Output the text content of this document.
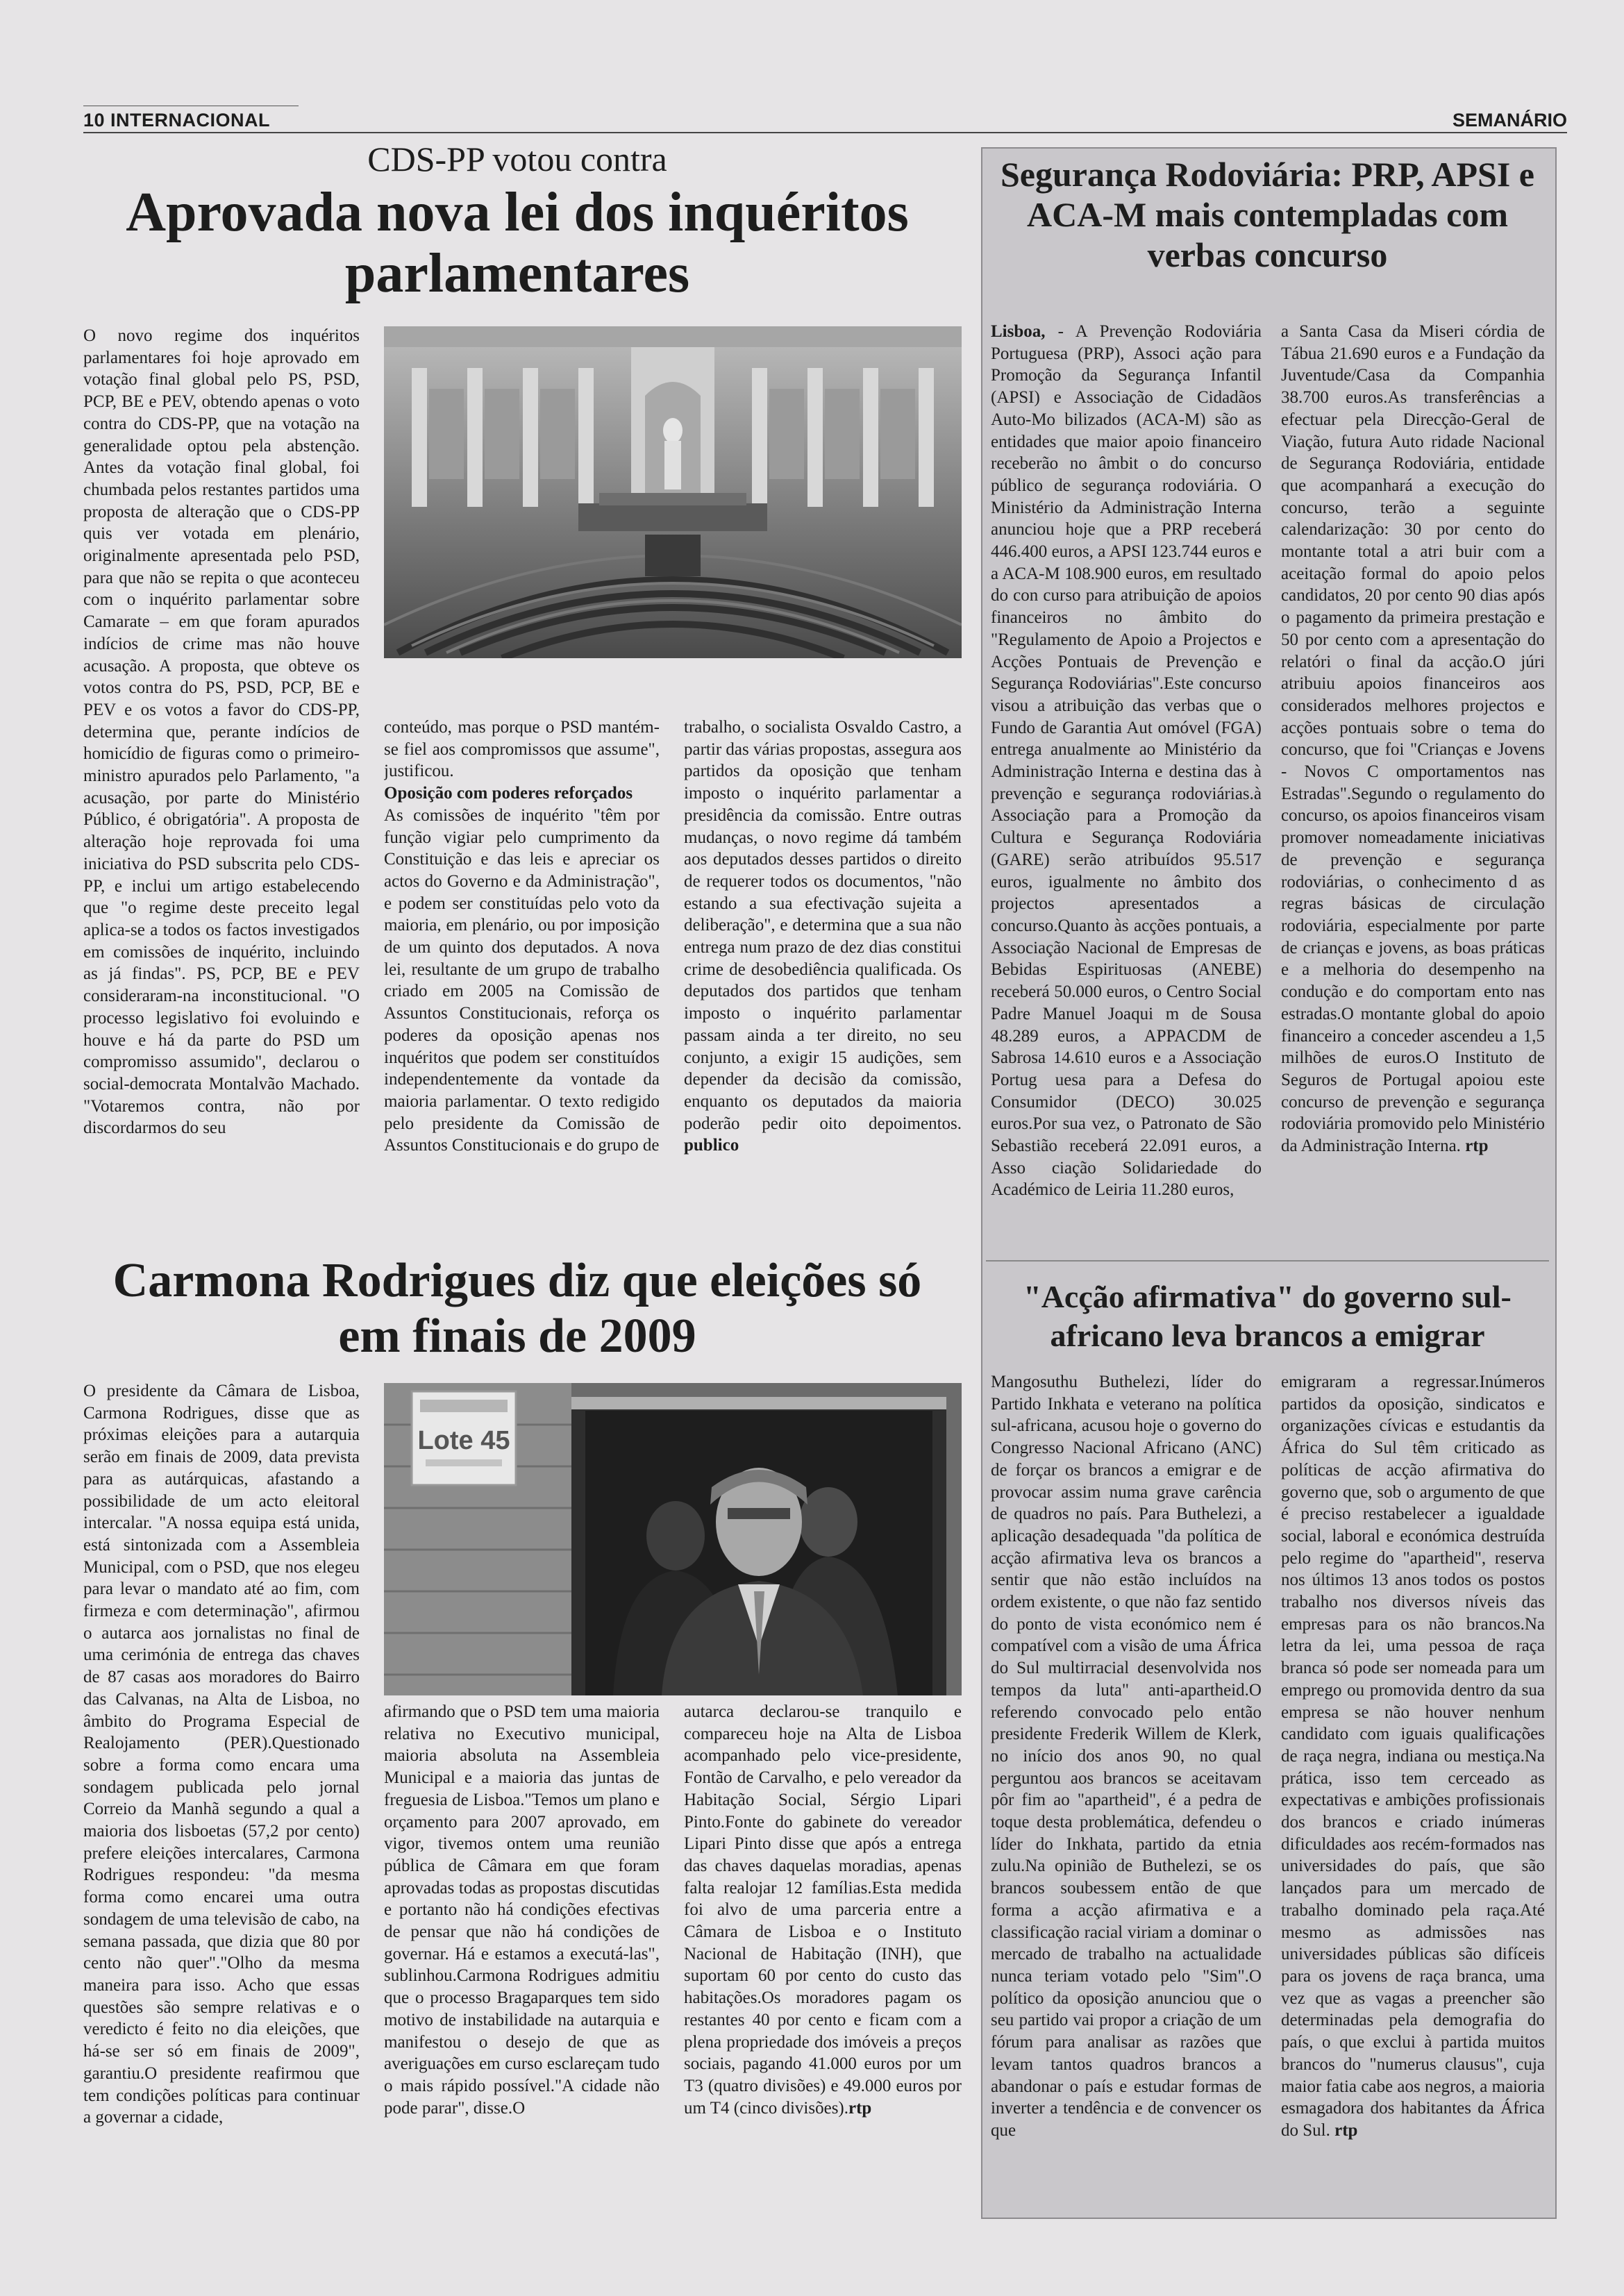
10 INTERNACIONAL	SEMANÁRIO
CDS-PP votou contra
Aprovada nova lei dos inquéritos parlamentares

O novo regime dos inquéritos parlamentares foi hoje aprovado em votação final global pelo PS, PSD, PCP, BE e PEV, obtendo apenas o voto contra do CDS-PP, que na votação na generalidade optou pela abstenção. Antes da votação final global, foi chumbada pelos restantes partidos uma proposta de alteração que o CDS-PP quis ver votada em plenário, originalmente apresentada pelo PSD, para que não se repita o que aconteceu com o inquérito parlamentar sobre Camarate – em que foram apurados indícios de crime mas não houve acusação. A proposta, que obteve os votos contra do PS, PSD, PCP, BE e PEV e os votos a favor do CDS-PP, determina que, perante indícios de homicídio de figuras como o primeiro-ministro apurados pelo Parlamento, "a acusação, por parte do Ministério Público, é obrigatória". A proposta de alteração hoje reprovada foi uma iniciativa do PSD subscrita pelo CDS-PP, e inclui um artigo estabelecendo que "o regime deste preceito legal aplica-se a todos os factos investigados em comissões de inquérito, incluindo as já findas". PS, PCP, BE e PEV consideraram-na inconstitucional. "O processo legislativo foi evoluindo e houve e há da parte do PSD um compromisso assumido", declarou o social-democrata Montalvão Machado. "Votaremos contra, não por discordarmos do seu

conteúdo, mas porque o PSD mantém-se fiel aos compromissos que assume", justificou.

Oposição com poderes reforçados

As comissões de inquérito "têm por função vigiar pelo cumprimento da Constituição e das leis e apreciar os actos do Governo e da Administração", e podem ser constituídas pelo voto da maioria, em plenário, ou por imposição de um quinto dos deputados. A nova lei, resultante de um grupo de trabalho criado em 2005 na Comissão de Assuntos Constitucionais, reforça os poderes da oposição apenas nos inquéritos que podem ser constituídos independentemente da vontade da maioria parlamentar. O texto redigido pelo presidente da Comissão de Assuntos Constitucionais e do grupo de

trabalho, o socialista Osvaldo Castro, a partir das várias propostas, assegura aos partidos da oposição que tenham imposto o inquérito parlamentar a presidência da comissão. Entre outras mudanças, o novo regime dá também aos deputados desses partidos o direito de requerer todos os documentos, "não estando a sua efectivação sujeita a deliberação", e determina que a sua não entrega num prazo de dez dias constitui crime de desobediência qualificada. Os deputados dos partidos que tenham imposto o inquérito parlamentar passam ainda a ter direito, no seu conjunto, a exigir 15 audições, sem depender da decisão da comissão, enquanto os deputados da maioria poderão pedir oito depoimentos. publico

Carmona Rodrigues diz que eleições só em finais de 2009

O presidente da Câmara de Lisboa, Carmona Rodrigues, disse que as próximas eleições para a autarquia serão em finais de 2009, data prevista para as autárquicas, afastando a possibilidade de um acto eleitoral intercalar. "A nossa equipa está unida, está sintonizada com a Assembleia Municipal, com o PSD, que nos elegeu para levar o mandato até ao fim, com firmeza e com determinação", afirmou o autarca aos jornalistas no final de uma cerimónia de entrega das chaves de 87 casas aos moradores do Bairro das Calvanas, na Alta de Lisboa, no âmbito do Programa Especial de Realojamento (PER).Questionado sobre a forma como encara uma sondagem publicada pelo jornal Correio da Manhã segundo a qual a maioria dos lisboetas (57,2 por cento) prefere eleições intercalares, Carmona Rodrigues respondeu: "da mesma forma como encarei uma outra sondagem de uma televisão de cabo, na semana passada, que dizia que 80 por cento não quer"."Olho da mesma maneira para isso. Acho que essas questões são sempre relativas e o veredicto é feito no dia eleições, que há-se ser só em finais de 2009", garantiu.O presidente reafirmou que tem condições políticas para continuar a governar a cidade,

Lote 45

afirmando que o PSD tem uma maioria relativa no Executivo municipal, maioria absoluta na Assembleia Municipal e a maioria das juntas de freguesia de Lisboa."Temos um plano e orçamento para 2007 aprovado, em vigor, tivemos ontem uma reunião pública de Câmara em que foram aprovadas todas as propostas discutidas e portanto não há condições efectivas de pensar que não há condições de governar. Há e estamos a executá-las", sublinhou.Carmona Rodrigues admitiu que o processo Bragaparques tem sido motivo de instabilidade na autarquia e manifestou o desejo de que as averiguações em curso esclareçam tudo o mais rápido possível."A cidade não pode parar", disse.O

autarca declarou-se tranquilo e compareceu hoje na Alta de Lisboa acompanhado pelo vice-presidente, Fontão de Carvalho, e pelo vereador da Habitação Social, Sérgio Lipari Pinto.Fonte do gabinete do vereador Lipari Pinto disse que após a entrega das chaves daquelas moradias, apenas falta realojar 12 famílias.Esta medida foi alvo de uma parceria entre a Câmara de Lisboa e o Instituto Nacional de Habitação (INH), que suportam 60 por cento do custo das habitações.Os moradores pagam os restantes 40 por cento e ficam com a plena propriedade dos imóveis a preços sociais, pagando 41.000 euros por um T3 (quatro divisões) e 49.000 euros por um T4 (cinco divisões).rtp

Segurança Rodoviária: PRP, APSI e ACA-M mais contempladas com verbas concurso

Lisboa, - A Prevenção Rodoviária Portuguesa (PRP), Associ ação para Promoção da Segurança Infantil (APSI) e Associação de Cidadãos Auto-Mo bilizados (ACA-M) são as entidades que maior apoio financeiro receberão no âmbit o do concurso público de segurança rodoviária. O Ministério da Administração Interna anunciou hoje que a PRP receberá 446.400 euros, a APSI 123.744 euros e a ACA-M 108.900 euros, em resultado do con curso para atribuição de apoios financeiros no âmbito do "Regulamento de Apoio a Projectos e Acções Pontuais de Prevenção e Segurança Rodoviárias".Este concurso visou a atribuição das verbas que o Fundo de Garantia Aut omóvel (FGA) entrega anualmente ao Ministério da Administração Interna e destina das à prevenção e segurança rodoviárias.à Associação para a Promoção da Cultura e Segurança Rodoviária (GARE) serão atribuídos 95.517 euros, igualmente no âmbito dos projectos apresentados a concurso.Quanto às acções pontuais, a Associação Nacional de Empresas de Bebidas Espirituosas (ANEBE) receberá 50.000 euros, o Centro Social Padre Manuel Joaqui m de Sousa 48.289 euros, a APPACDM de Sabrosa 14.610 euros e a Associação Portug uesa para a Defesa do Consumidor (DECO) 30.025 euros.Por sua vez, o Patronato de São Sebastião receberá 22.091 euros, a Asso ciação Solidariedade do Académico de Leiria 11.280 euros,

a Santa Casa da Miseri córdia de Tábua 21.690 euros e a Fundação da Juventude/Casa da Companhia 38.700 euros.As transferências a efectuar pela Direcção-Geral de Viação, futura Auto ridade Nacional de Segurança Rodoviária, entidade que acompanhará a execução do concurso, terão a seguinte calendarização: 30 por cento do montante total a atri buir com a aceitação formal do apoio pelos candidatos, 20 por cento 90 dias após o pagamento da primeira prestação e 50 por cento com a apresentação do relatóri o final da acção.O júri atribuiu apoios financeiros aos considerados melhores projectos e acções pontuais sobre o tema do concurso, que foi "Crianças e Jovens - Novos C omportamentos nas Estradas".Segundo o regulamento do concurso, os apoios financeiros visam promover nomeadamente iniciativas de prevenção e segurança rodoviárias, o conhecimento d as regras básicas de circulação rodoviária, especialmente por parte de crianças e jovens, as boas práticas e a melhoria do desempenho na condução e do comportam ento nas estradas.O montante global do apoio financeiro a conceder ascendeu a 1,5 milhões de euros.O Instituto de Seguros de Portugal apoiou este concurso de prevenção e segurança rodoviária promovido pelo Ministério da Administração Interna. rtp

"Acção afirmativa" do governo sul-africano leva brancos a emigrar

Mangosuthu Buthelezi, líder do Partido Inkhata e veterano na política sul-africana, acusou hoje o governo do Congresso Nacional Africano (ANC) de forçar os brancos a emigrar e de provocar assim numa grave carência de quadros no país. Para Buthelezi, a aplicação desadequada "da política de acção afirmativa leva os brancos a sentir que não estão incluídos na ordem existente, o que não faz sentido do ponto de vista económico nem é compatível com a visão de uma África do Sul multirracial desenvolvida nos tempos da luta" anti-apartheid.O referendo convocado pelo então presidente Frederik Willem de Klerk, no início dos anos 90, no qual perguntou aos brancos se aceitavam pôr fim ao "apartheid", é a pedra de toque desta problemática, defendeu o líder do Inkhata, partido da etnia zulu.Na opinião de Buthelezi, se os brancos soubessem então de que forma a acção afirmativa e a classificação racial viriam a dominar o mercado de trabalho na actualidade nunca teriam votado pelo "Sim".O político da oposição anunciou que o seu partido vai propor a criação de um fórum para analisar as razões que levam tantos quadros brancos a abandonar o país e estudar formas de inverter a tendência e de convencer os que

emigraram a regressar.Inúmeros partidos da oposição, sindicatos e organizações cívicas e estudantis da África do Sul têm criticado as políticas de acção afirmativa do governo que, sob o argumento de que é preciso restabelecer a igualdade social, laboral e económica destruída pelo regime do "apartheid", reserva nos últimos 13 anos todos os postos trabalho nos diversos níveis das empresas para os não brancos.Na letra da lei, uma pessoa de raça branca só pode ser nomeada para um emprego ou promovida dentro da sua empresa se não houver nenhum candidato com iguais qualificações de raça negra, indiana ou mestiça.Na prática, isso tem cerceado as expectativas e ambições profissionais dos brancos e criado inúmeras dificuldades aos recém-formados nas universidades do país, que são lançados para um mercado de trabalho dominado pela raça.Até mesmo as admissões nas universidades públicas são difíceis para os jovens de raça branca, uma vez que as vagas a preencher são determinadas pela demografia do país, o que exclui à partida muitos brancos do "numerus clausus", cuja maior fatia cabe aos negros, a maioria esmagadora dos habitantes da África do Sul. rtp
